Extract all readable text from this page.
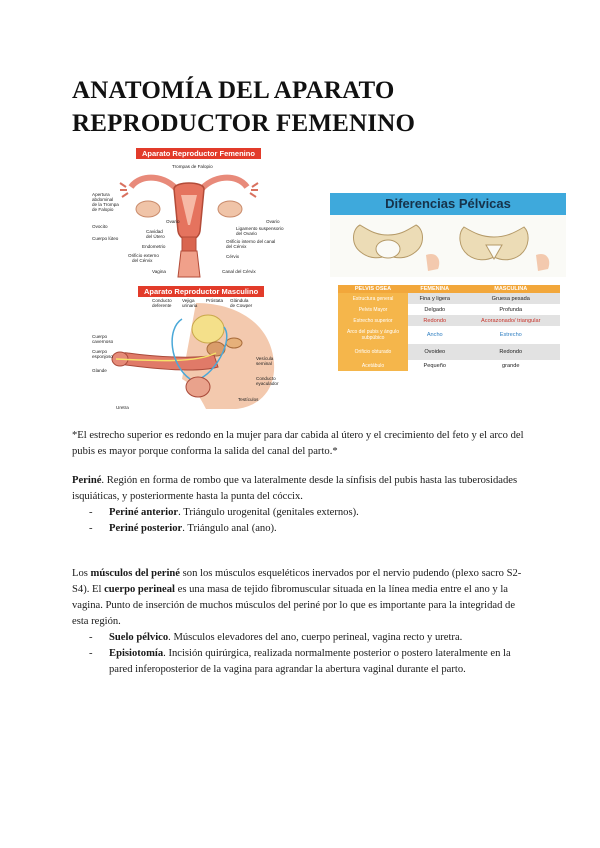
ANATOMÍA DEL APARATO
REPRODUCTOR FEMENINO
Aparato Reproductor Femenino
Trompas de Falopio
Apertura
abdominal
de la Trompa
de Falopio
Ovocito
Cuerpo lúteo
Cavidad
del Útero
Endometrio
Orificio externo
del Cérvix
Vagina
Ovario	Ovario
Ligamento suspensorio
del Ovario
Orificio interno del canal
del Cérvix
Cérvix
Canal del Cérvix
Aparato Reproductor Masculino
Conducto
deferente
Vejiga
urinaria
Próstata Glándula
de Cowper
Cuerpo
cavernoso
Cuerpo
esponjoso
Glande
Vesícula
seminal
Conducto
eyaculador
Testículos
Uretra
Diferencias Pélvicas
PELVIS OSEA	FEMENINA	MASCULINA
Estructura general	Fina y ligera	Gruesa pesada
Pelvis Mayor	Delgado	Profunda
Estrecho superior	Redondo	Acorazonado/ triangular
Arco del pubis y ángulo subpúbico	Ancho	Estrecho
Orificio obturado	Ovoideo	Redondo
Acetábulo	Pequeño	grande
*El estrecho superior es redondo en la mujer para dar cabida al útero y el crecimiento del feto y el arco del pubis es mayor porque conforma la salida del canal del parto.*
Periné. Región en forma de rombo que va lateralmente desde la sínfisis del pubis hasta las tuberosidades isquiáticas, y posteriormente hasta la punta del cóccix.
- Periné anterior. Triángulo urogenital (genitales externos).
- Periné posterior. Triángulo anal (ano).
Los músculos del periné son los músculos esqueléticos inervados por el nervio pudendo (plexo sacro S2-S4). El cuerpo perineal es una masa de tejido fibromuscular situada en la línea media entre el ano y la vagina. Punto de inserción de muchos músculos del periné por lo que es importante para la integridad de esta región.
- Suelo pélvico. Músculos elevadores del ano, cuerpo perineal, vagina recto y uretra.
- Episiotomía. Incisión quirúrgica, realizada normalmente posterior o postero lateralmente en la pared inferoposterior de la vagina para agrandar la abertura vaginal durante el parto.
